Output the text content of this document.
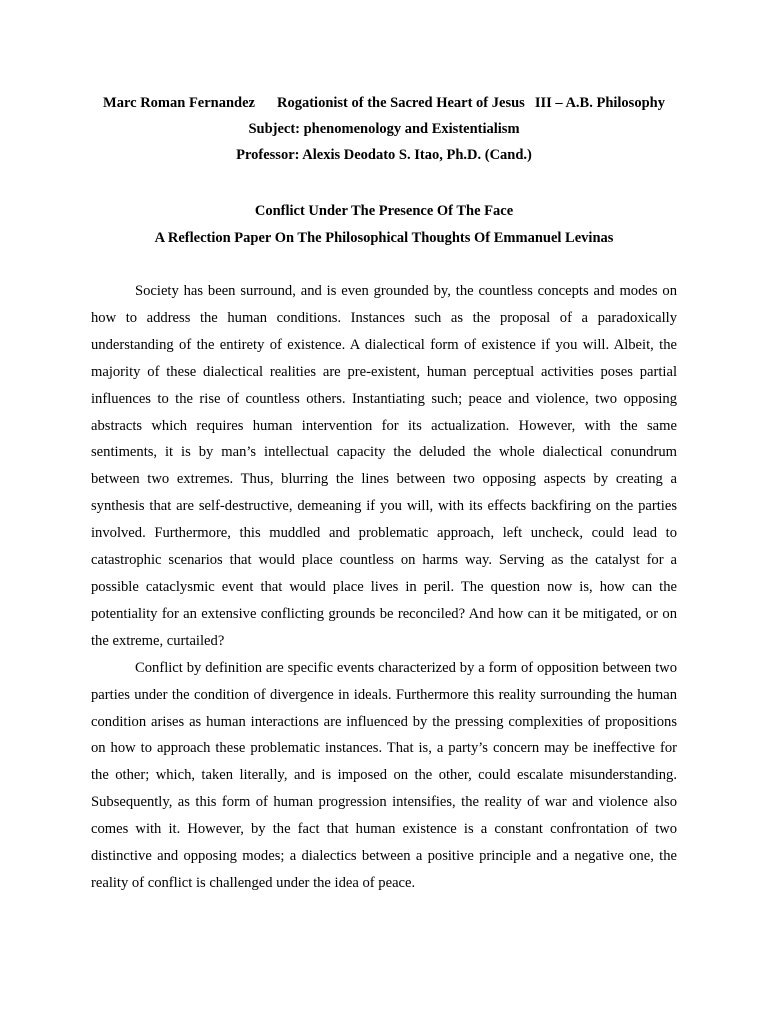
Marc Roman Fernandez Rogationist of the Sacred Heart of Jesus III – A.B. Philosophy
Subject: phenomenology and Existentialism
Professor: Alexis Deodato S. Itao, Ph.D. (Cand.)
Conflict Under The Presence Of The Face
A Reflection Paper On The Philosophical Thoughts Of Emmanuel Levinas

Society has been surround, and is even grounded by, the countless concepts and modes on how to address the human conditions. Instances such as the proposal of a paradoxically understanding of the entirety of existence. A dialectical form of existence if you will. Albeit, the majority of these dialectical realities are pre-existent, human perceptual activities poses partial influences to the rise of countless others. Instantiating such; peace and violence, two opposing abstracts which requires human intervention for its actualization. However, with the same sentiments, it is by man’s intellectual capacity the deluded the whole dialectical conundrum between two extremes. Thus, blurring the lines between two opposing aspects by creating a synthesis that are self-destructive, demeaning if you will, with its effects backfiring on the parties involved. Furthermore, this muddled and problematic approach, left uncheck, could lead to catastrophic scenarios that would place countless on harms way. Serving as the catalyst for a possible cataclysmic event that would place lives in peril. The question now is, how can the potentiality for an extensive conflicting grounds be reconciled? And how can it be mitigated, or on the extreme, curtailed?

Conflict by definition are specific events characterized by a form of opposition between two parties under the condition of divergence in ideals. Furthermore this reality surrounding the human condition arises as human interactions are influenced by the pressing complexities of propositions on how to approach these problematic instances. That is, a party’s concern may be ineffective for the other; which, taken literally, and is imposed on the other, could escalate misunderstanding. Subsequently, as this form of human progression intensifies, the reality of war and violence also comes with it. However, by the fact that human existence is a constant confrontation of two distinctive and opposing modes; a dialectics between a positive principle and a negative one, the reality of conflict is challenged under the idea of peace.
